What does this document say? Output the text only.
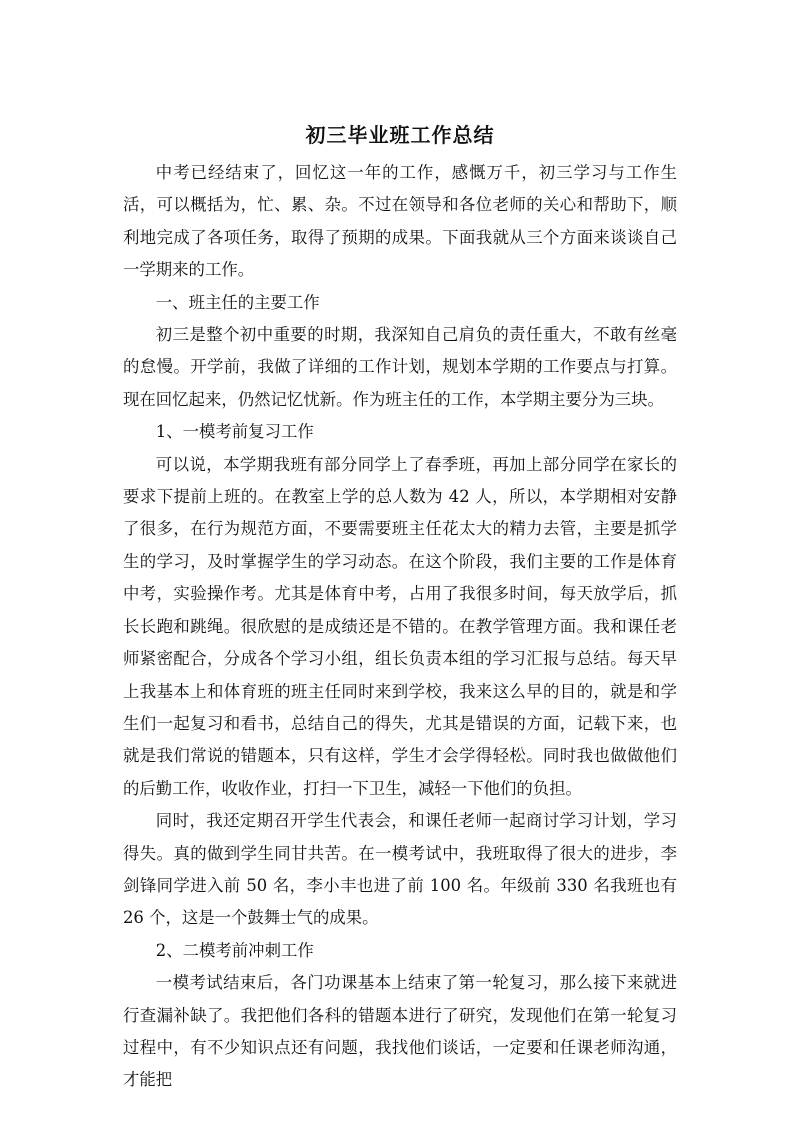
初三毕业班工作总结

中考已经结束了，回忆这一年的工作，感慨万千，初三学习与工作生活，可以概括为，忙、累、杂。不过在领导和各位老师的关心和帮助下，顺利地完成了各项任务，取得了预期的成果。下面我就从三个方面来谈谈自己一学期来的工作。

一、班主任的主要工作

初三是整个初中重要的时期，我深知自己肩负的责任重大，不敢有丝毫的怠慢。开学前，我做了详细的工作计划，规划本学期的工作要点与打算。现在回忆起来，仍然记忆忧新。作为班主任的工作，本学期主要分为三块。

1、一模考前复习工作

可以说，本学期我班有部分同学上了春季班，再加上部分同学在家长的要求下提前上班的。在教室上学的总人数为 42 人，所以，本学期相对安静了很多，在行为规范方面，不要需要班主任花太大的精力去管，主要是抓学生的学习，及时掌握学生的学习动态。在这个阶段，我们主要的工作是体育中考，实验操作考。尤其是体育中考，占用了我很多时间，每天放学后，抓长长跑和跳绳。很欣慰的是成绩还是不错的。在教学管理方面。我和课任老师紧密配合，分成各个学习小组，组长负责本组的学习汇报与总结。每天早上我基本上和体育班的班主任同时来到学校，我来这么早的目的，就是和学生们一起复习和看书，总结自己的得失，尤其是错误的方面，记载下来，也就是我们常说的错题本，只有这样，学生才会学得轻松。同时我也做做他们的后勤工作，收收作业，打扫一下卫生，减轻一下他们的负担。

同时，我还定期召开学生代表会，和课任老师一起商讨学习计划，学习得失。真的做到学生同甘共苦。在一模考试中，我班取得了很大的进步，李剑锋同学进入前 50 名，李小丰也进了前 100 名。年级前 330 名我班也有 26 个，这是一个鼓舞士气的成果。

2、二模考前冲刺工作

一模考试结束后，各门功课基本上结束了第一轮复习，那么接下来就进行查漏补缺了。我把他们各科的错题本进行了研究，发现他们在第一轮复习过程中，有不少知识点还有问题，我找他们谈话，一定要和任课老师沟通，才能把
